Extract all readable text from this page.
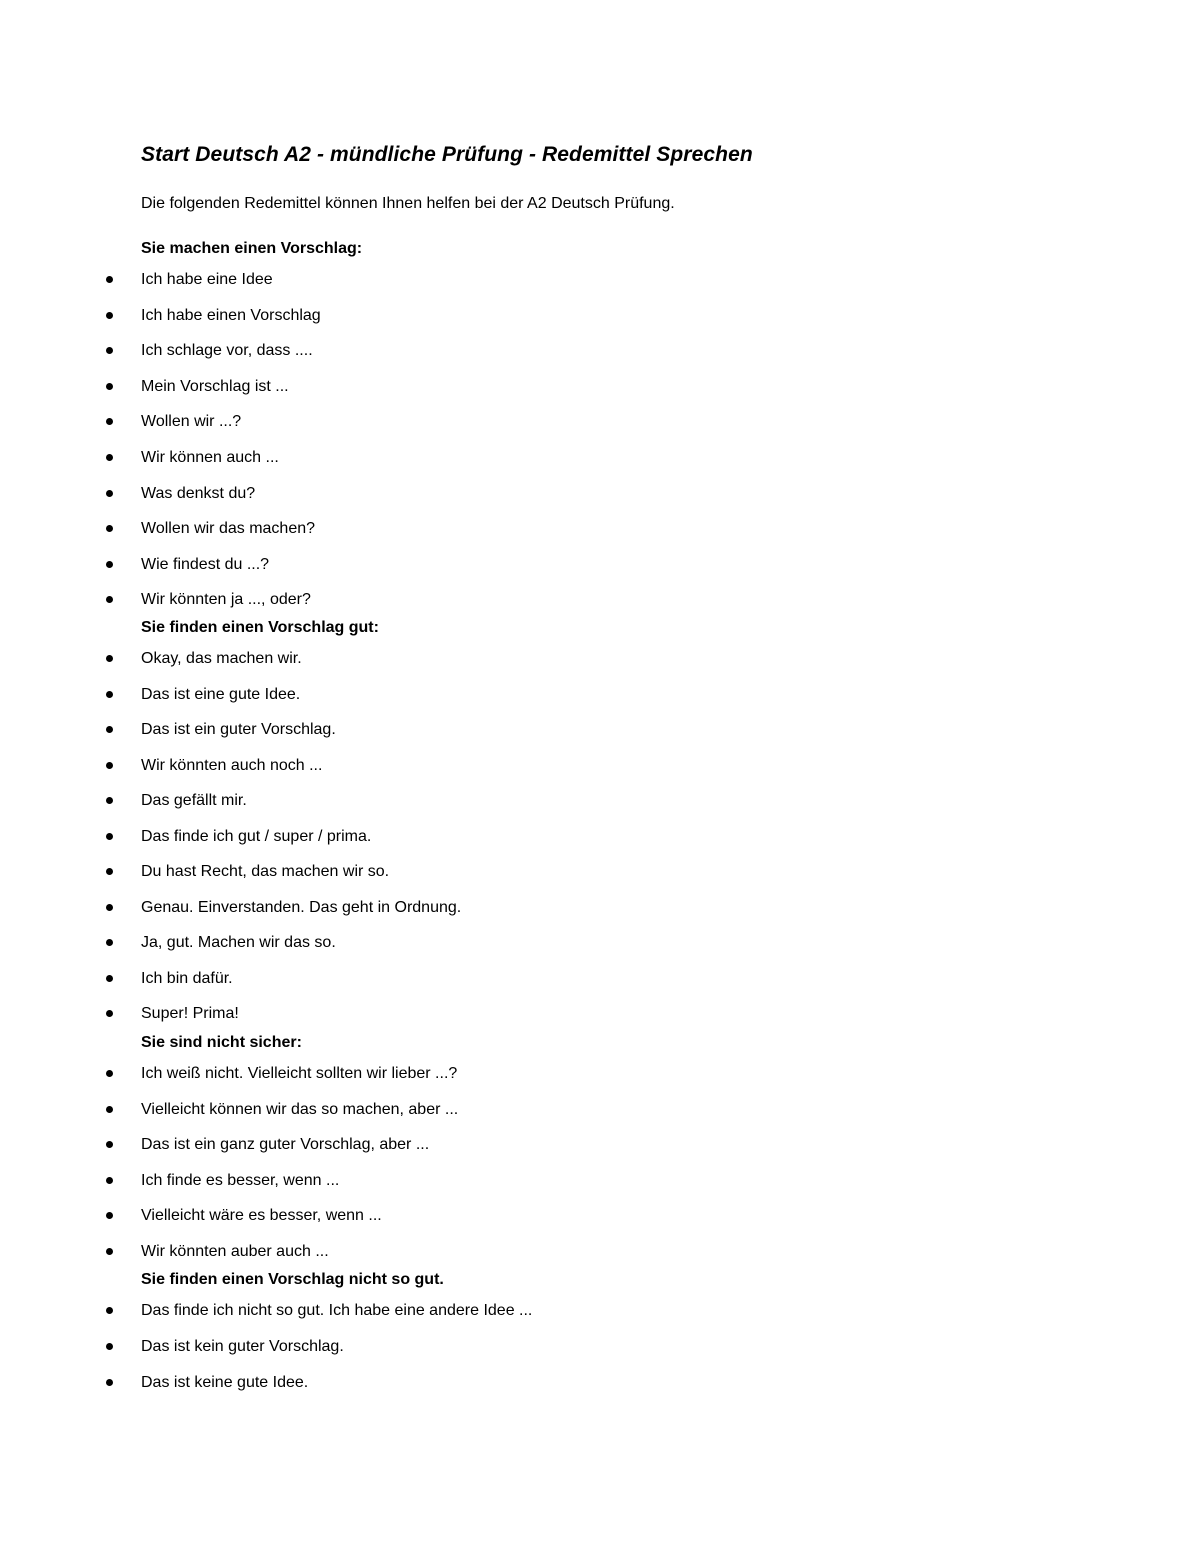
Start Deutsch A2 - mündliche Prüfung - Redemittel Sprechen
Die folgenden Redemittel können Ihnen helfen bei der A2 Deutsch Prüfung.
Sie machen einen Vorschlag:
Ich habe eine Idee
Ich habe einen Vorschlag
Ich schlage vor, dass ....
Mein Vorschlag ist ...
Wollen wir ...?
Wir können auch ...
Was denkst du?
Wollen wir das machen?
Wie findest du ...?
Wir könnten ja ..., oder?
Sie finden einen Vorschlag gut:
Okay, das machen wir.
Das ist eine gute Idee.
Das ist ein guter Vorschlag.
Wir könnten auch noch ...
Das gefällt mir.
Das finde ich gut / super / prima.
Du hast Recht, das machen wir so.
Genau. Einverstanden. Das geht in Ordnung.
Ja, gut. Machen wir das so.
Ich bin dafür.
Super! Prima!
Sie sind nicht sicher:
Ich weiß nicht. Vielleicht sollten wir lieber ...?
Vielleicht können wir das so machen, aber ...
Das ist ein ganz guter Vorschlag, aber ...
Ich finde es besser, wenn ...
Vielleicht wäre es besser, wenn ...
Wir könnten auber auch ...
Sie finden einen Vorschlag nicht so gut.
Das finde ich nicht so gut. Ich habe eine andere Idee ...
Das ist kein guter Vorschlag.
Das ist keine gute Idee.
